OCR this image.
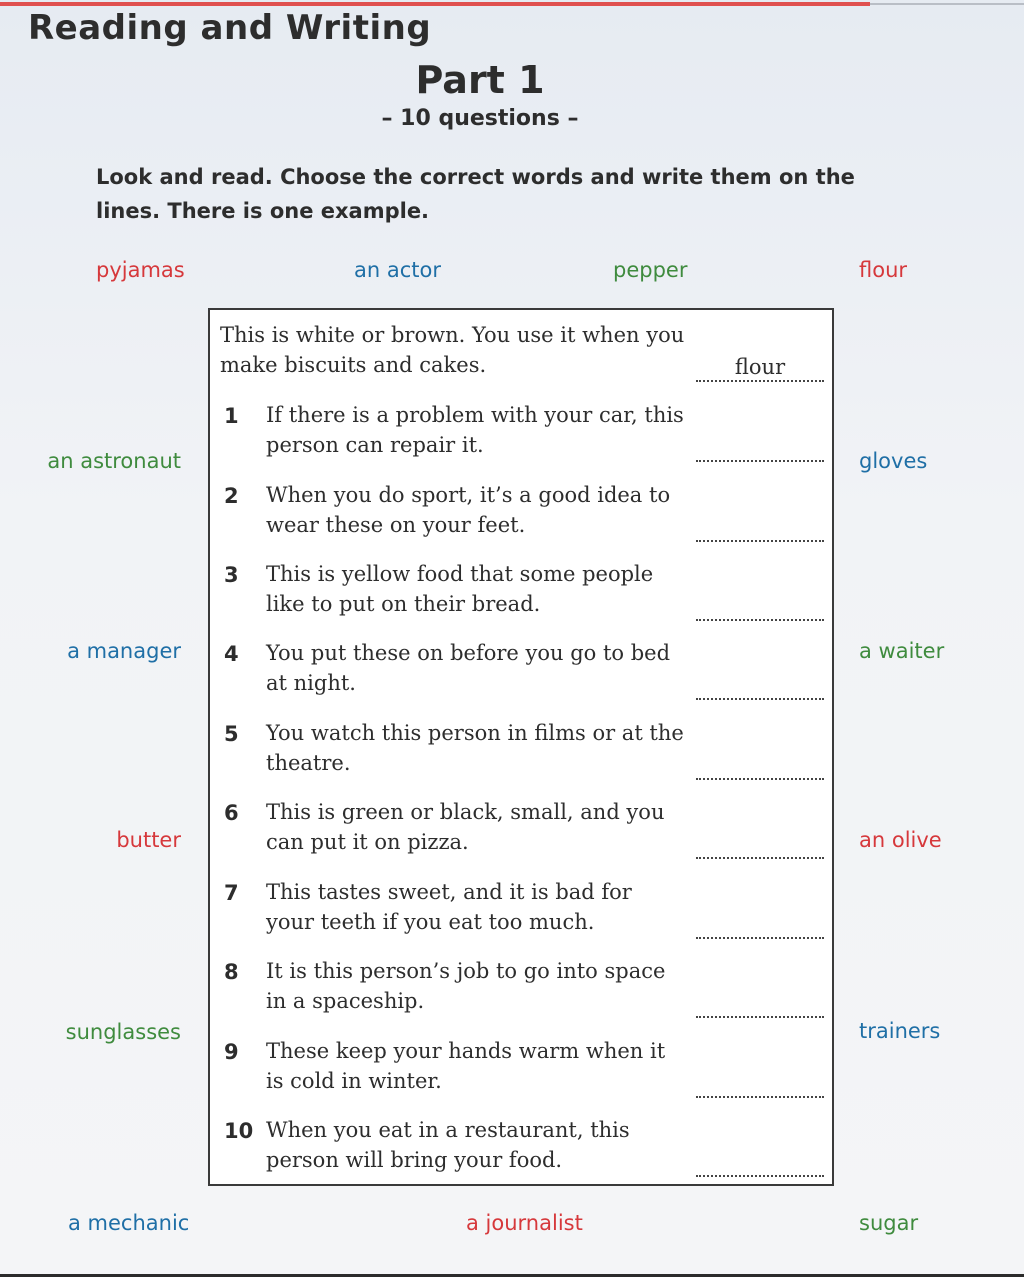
Reading and Writing
Part 1
– 10 questions –
Look and read. Choose the correct words and write them on the lines. There is one example.
pyjamas	an actor	pepper	flour
an astronaut
a manager
butter
sunglasses
gloves
a waiter
an olive
trainers
a mechanic	a journalist	sugar
This is white or brown. You use it when you make biscuits and cakes.	flour
1	If there is a problem with your car, this person can repair it.
2	When you do sport, it’s a good idea to wear these on your feet.
3	This is yellow food that some people like to put on their bread.
4	You put these on before you go to bed at night.
5	You watch this person in films or at the theatre.
6	This is green or black, small, and you can put it on pizza.
7	This tastes sweet, and it is bad for your teeth if you eat too much.
8	It is this person’s job to go into space in a spaceship.
9	These keep your hands warm when it is cold in winter.
10 When you eat in a restaurant, this person will bring your food.
